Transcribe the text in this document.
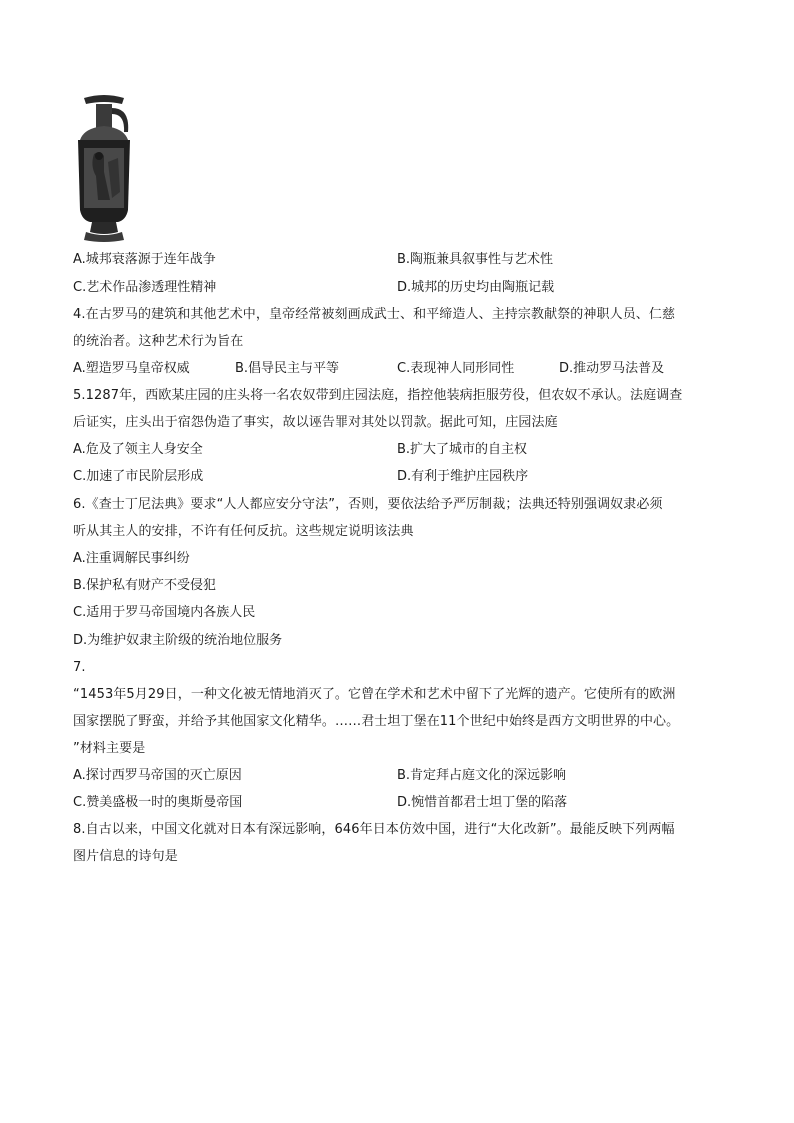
A.城邦衰落源于连年战争	B.陶瓶兼具叙事性与艺术性
C.艺术作品渗透理性精神	D.城邦的历史均由陶瓶记载
4.在古罗马的建筑和其他艺术中，皇帝经常被刻画成武士、和平缔造人、主持宗教献祭的神职人员、仁慈
的统治者。这种艺术行为旨在
A.塑造罗马皇帝权威	B.倡导民主与平等	C.表现神人同形同性	D.推动罗马法普及
5.1287年，西欧某庄园的庄头将一名农奴带到庄园法庭，指控他装病拒服劳役，但农奴不承认。法庭调查
后证实，庄头出于宿怨伪造了事实，故以诬告罪对其处以罚款。据此可知，庄园法庭
A.危及了领主人身安全	B.扩大了城市的自主权
C.加速了市民阶层形成	D.有利于维护庄园秩序
6.《查士丁尼法典》要求“人人都应安分守法”，否则，要依法给予严厉制裁；法典还特别强调奴隶必须
听从其主人的安排，不许有任何反抗。这些规定说明该法典
A.注重调解民事纠纷
B.保护私有财产不受侵犯
C.适用于罗马帝国境内各族人民
D.为维护奴隶主阶级的统治地位服务
7.
“1453年5月29日，一种文化被无情地消灭了。它曾在学术和艺术中留下了光辉的遗产。它使所有的欧洲
国家摆脱了野蛮，并给予其他国家文化精华。……君士坦丁堡在11个世纪中始终是西方文明世界的中心。
”材料主要是
A.探讨西罗马帝国的灭亡原因	B.肯定拜占庭文化的深远影响
C.赞美盛极一时的奥斯曼帝国	D.惋惜首都君士坦丁堡的陷落
8.自古以来，中国文化就对日本有深远影响，646年日本仿效中国，进行“大化改新”。最能反映下列两幅
图片信息的诗句是
